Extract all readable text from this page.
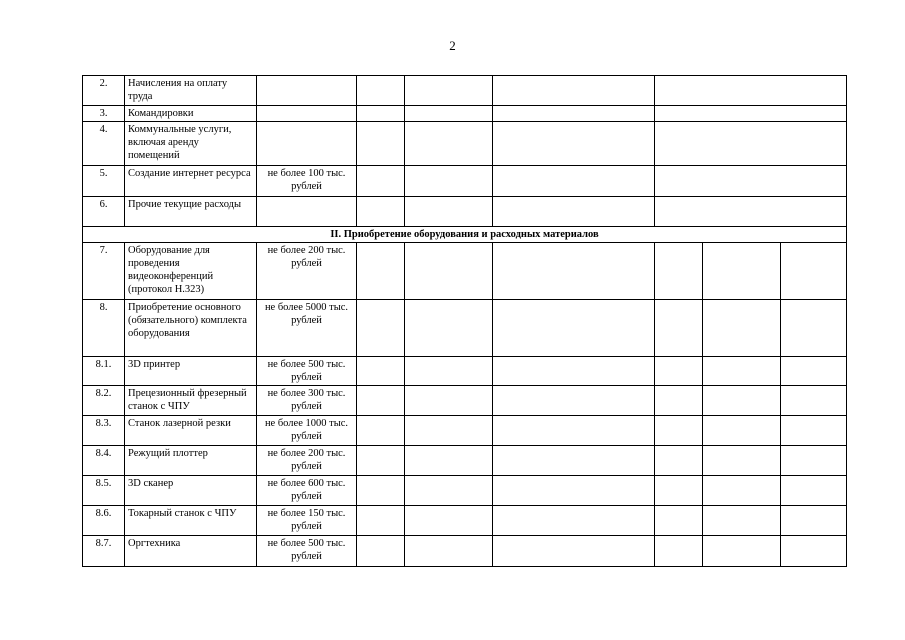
2
2.	Начисления на оплату труда							
3.	Командировки							
4.	Коммунальные услуги, включая аренду помещений							
5.	Создание интернет ресурса	не более 100 тыс. рублей						
6.	Прочие текущие расходы							
II. Приобретение оборудования и расходных материалов								
7.	Оборудование для проведения видеоконференций (протокол H.323)	не более 200 тыс. рублей						
8.	Приобретение основного (обязательного) комплекта оборудования	не более 5000 тыс. рублей						
8.1.	3D принтер	не более 500 тыс. рублей						
8.2.	Прецезионный фрезерный станок с ЧПУ	не более 300 тыс. рублей						
8.3.	Станок лазерной резки	не более 1000 тыс. рублей						
8.4.	Режущий плоттер	не более 200 тыс. рублей						
8.5.	3D сканер	не более 600 тыс. рублей						
8.6.	Токарный станок с ЧПУ	не более 150 тыс. рублей						
8.7.	Оргтехника	не более 500 тыс. рублей						
